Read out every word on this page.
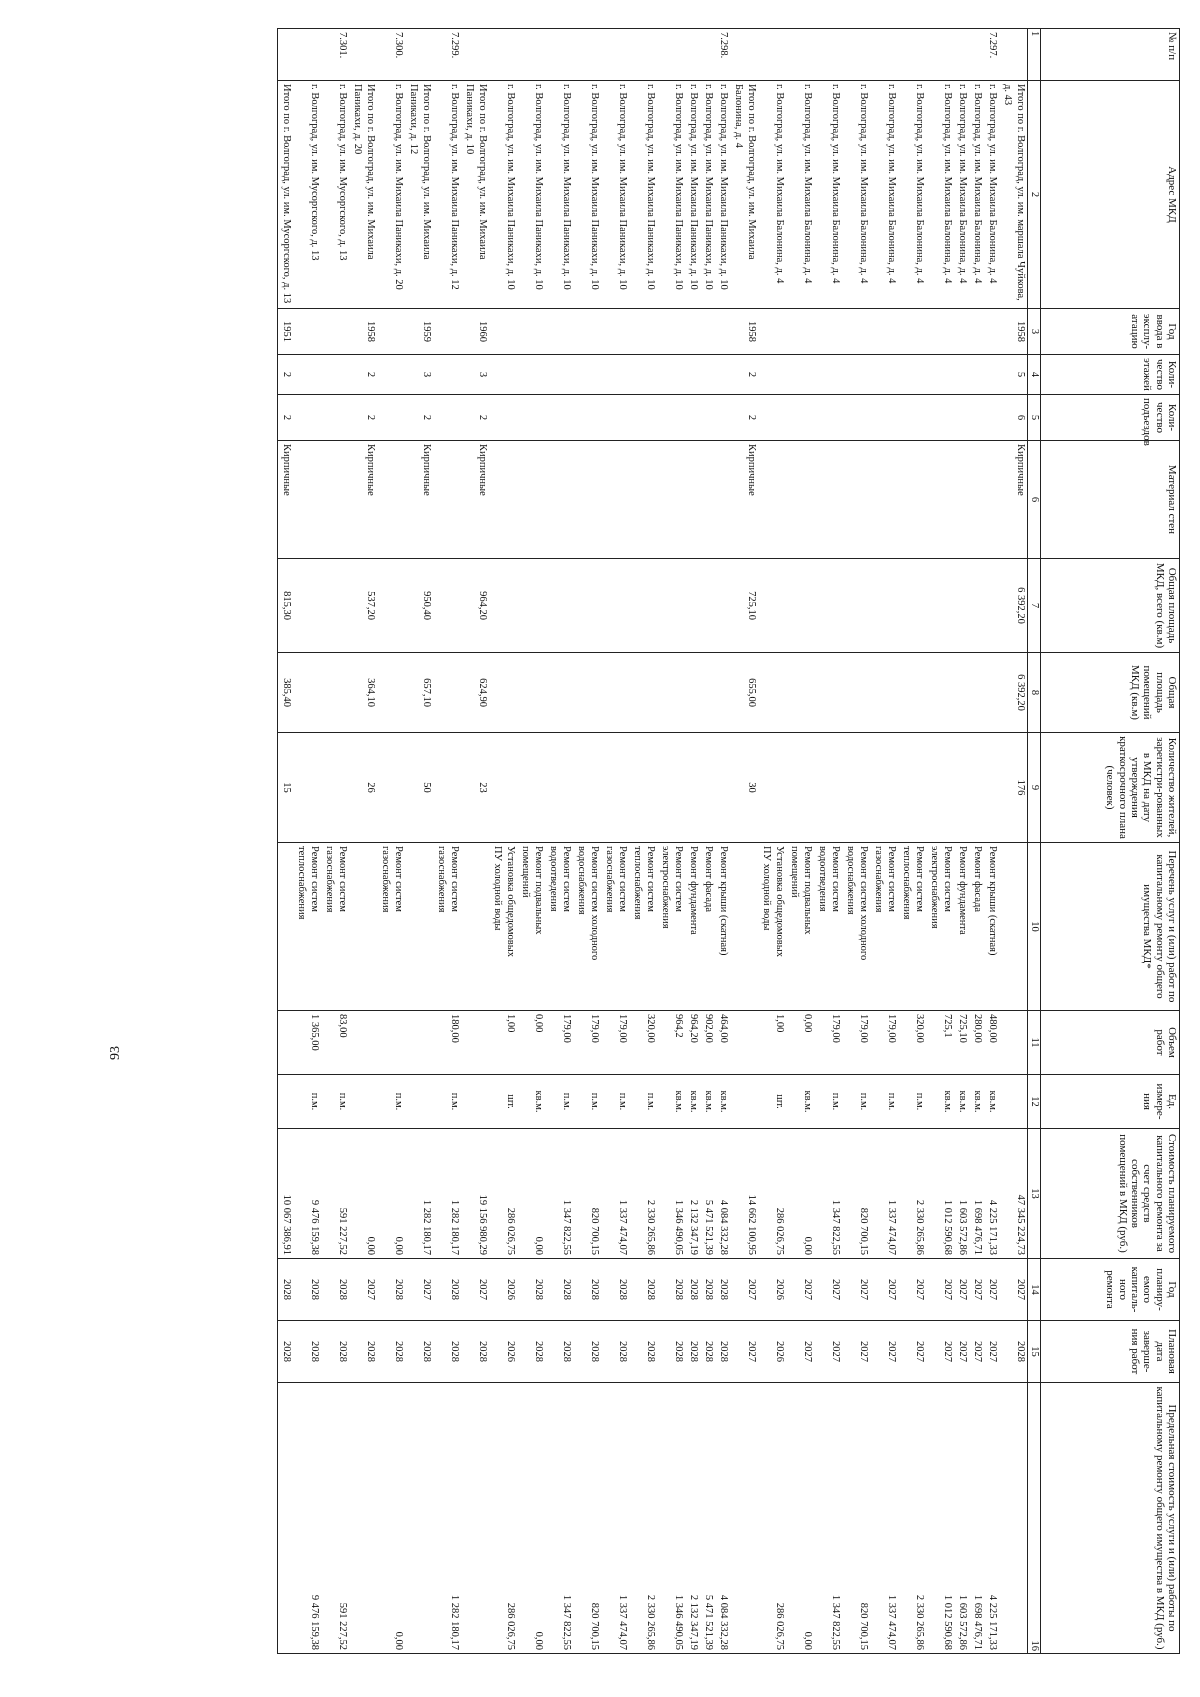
93
№ п/п	Адрес МКД	Год ввода в эксплу-атацию	Коли-чество этажей	Коли-чество подъездов	Материал стен	Общая площадь МКД, всего (кв.м)	Общая площадь помещений МКД (кв.м)	Количество жителей, зарегистри-рованных в МКД на дату утверждения краткосрочного плана (человек)	Перечень услуг и (или) работ по капитальному ремонту общего имущества МКД*	Объем работ	Ед. измере-ния	Стоимость планируемого капитального ремонта за счет средств собственников помещений в МКД (руб.)	Год планиру-емого капиталь-ного ремонта	Плановая дата заверше-ния работ	Предельная стоимость услуги и (или) работы по капитальному ремонту общего имущества в МКД (руб.)
1	2	3	4	5	6	7	8	9	10	11	12	13	14	15	16

	Итого по г. Волгоград, ул. им. маршала Чуйкова,
д. 43	1958	5	6	Кирпичные	6 392,20	6 392,20	176				47 345 224,73	2027	2028	

7.297.	г. Волгоград, ул. им. Михаила Балонина, д. 4								Ремонт крыши (скатная)	480,00	кв.м.	4 225 171,33	2027	2027	4 225 171,33

	г. Волгоград, ул. им. Михаила Балонина, д. 4								Ремонт фасада	280,00	кв.м.	1 698 476,71	2027	2027	1 698 476,71

	г. Волгоград, ул. им. Михаила Балонина, д. 4								Ремонт фундамента	725,10	кв.м.	1 603 572,86	2027	2027	1 603 572,86

	г. Волгоград, ул. им. Михаила Балонина, д. 4								Ремонт систем
электроснабжения	725,1	кв.м.	1 012 590,68	2027	2027	1 012 590,68

	г. Волгоград, ул. им. Михаила Балонина, д. 4								Ремонт систем
теплоснабжения	320,00	п.м.	2 330 265,86	2027	2027	2 330 265,86

	г. Волгоград, ул. им. Михаила Балонина, д. 4								Ремонт систем
газоснабжения	179,00	п.м.	1 337 474,07	2027	2027	1 337 474,07

	г. Волгоград, ул. им. Михаила Балонина, д. 4								Ремонт систем холодного
водоснабжения	179,00	п.м.	820 700,15	2027	2027	820 700,15

	г. Волгоград, ул. им. Михаила Балонина, д. 4								Ремонт систем
водоотведения	179,00	п.м.	1 347 822,55	2027	2027	1 347 822,55

	г. Волгоград, ул. им. Михаила Балонина, д. 4								Ремонт подвальных
помещений	0,00	кв.м.	0,00	2027	2027	0,00

	г. Волгоград, ул. им. Михаила Балонина, д. 4								Установка общедомовых
ПУ холодной воды	1,00	шт.	286 026,75	2026	2026	286 026,75

	Итого по г. Волгоград, ул. им. Михаила
Балонина, д. 4	1958	2	2	Кирпичные	725,10	655,00	30				14 662 100,95	2027	2027	

7.298.	г. Волгоград, ул. им. Михаила Паникахи, д. 10								Ремонт крыши (скатная)	464,00	кв.м.	4 084 332,28	2028	2028	4 084 332,28

	г. Волгоград, ул. им. Михаила Паникахи, д. 10								Ремонт фасада	902,00	кв.м.	5 471 521,39	2028	2028	5 471 521,39

	г. Волгоград, ул. им. Михаила Паникахи, д. 10								Ремонт фундамента	964,20	кв.м.	2 132 347,19	2028	2028	2 132 347,19

	г. Волгоград, ул. им. Михаила Паникахи, д. 10								Ремонт систем
электроснабжения	964,2	кв.м.	1 346 490,05	2028	2028	1 346 490,05

	г. Волгоград, ул. им. Михаила Паникахи, д. 10								Ремонт систем
теплоснабжения	320,00	п.м.	2 330 265,86	2028	2028	2 330 265,86

	г. Волгоград, ул. им. Михаила Паникахи, д. 10								Ремонт систем
газоснабжения	179,00	п.м.	1 337 474,07	2028	2028	1 337 474,07

	г. Волгоград, ул. им. Михаила Паникахи, д. 10								Ремонт систем холодного
водоснабжения	179,00	п.м.	820 700,15	2028	2028	820 700,15

	г. Волгоград, ул. им. Михаила Паникахи, д. 10								Ремонт систем
водоотведения	179,00	п.м.	1 347 822,55	2028	2028	1 347 822,55

	г. Волгоград, ул. им. Михаила Паникахи, д. 10								Ремонт подвальных
помещений	0,00	кв.м.	0,00	2028	2028	0,00

	г. Волгоград, ул. им. Михаила Паникахи, д. 10								Установка общедомовых
ПУ холодной воды	1,00	шт.	286 026,75	2026	2026	286 026,75

	Итого по г. Волгоград, ул. им. Михаила
Паникахи, д. 10	1960	3	2	Кирпичные	964,20	624,90	23				19 156 980,29	2027	2028	

7.299.	г. Волгоград, ул. им. Михаила Паникахи, д. 12								Ремонт систем
газоснабжения	180,00	п.м.	1 282 180,17	2028	2028	1 282 180,17

	Итого по г. Волгоград, ул. им. Михаила
Паникахи, д. 12	1959	3	2	Кирпичные	950,40	657,10	50				1 282 180,17	2027	2028	

7.300.	г. Волгоград, ул. им. Михаила Паникахи, д. 20								Ремонт систем
газоснабжения		п.м.	0,00	2028	2028	0,00

	Итого по г. Волгоград, ул. им. Михаила
Паникахи, д. 20	1958	2	2	Кирпичные	537,20	364,10	26				0,00	2027	2028	

7.301.	г. Волгоград, ул. им. Мусоргского, д. 13								Ремонт систем
газоснабжения	83,00	п.м.	591 227,52	2028	2028	591 227,52

	г. Волгоград, ул. им. Мусоргского, д. 13								Ремонт систем
теплоснабжения	1 365,00	п.м.	9 476 159,38	2028	2028	9 476 159,38

	Итого по г. Волгоград, ул. им. Мусоргского, д. 13	1951	2	2	Кирпичные	815,30	385,40	15				10 067 386,91	2028	2028	
